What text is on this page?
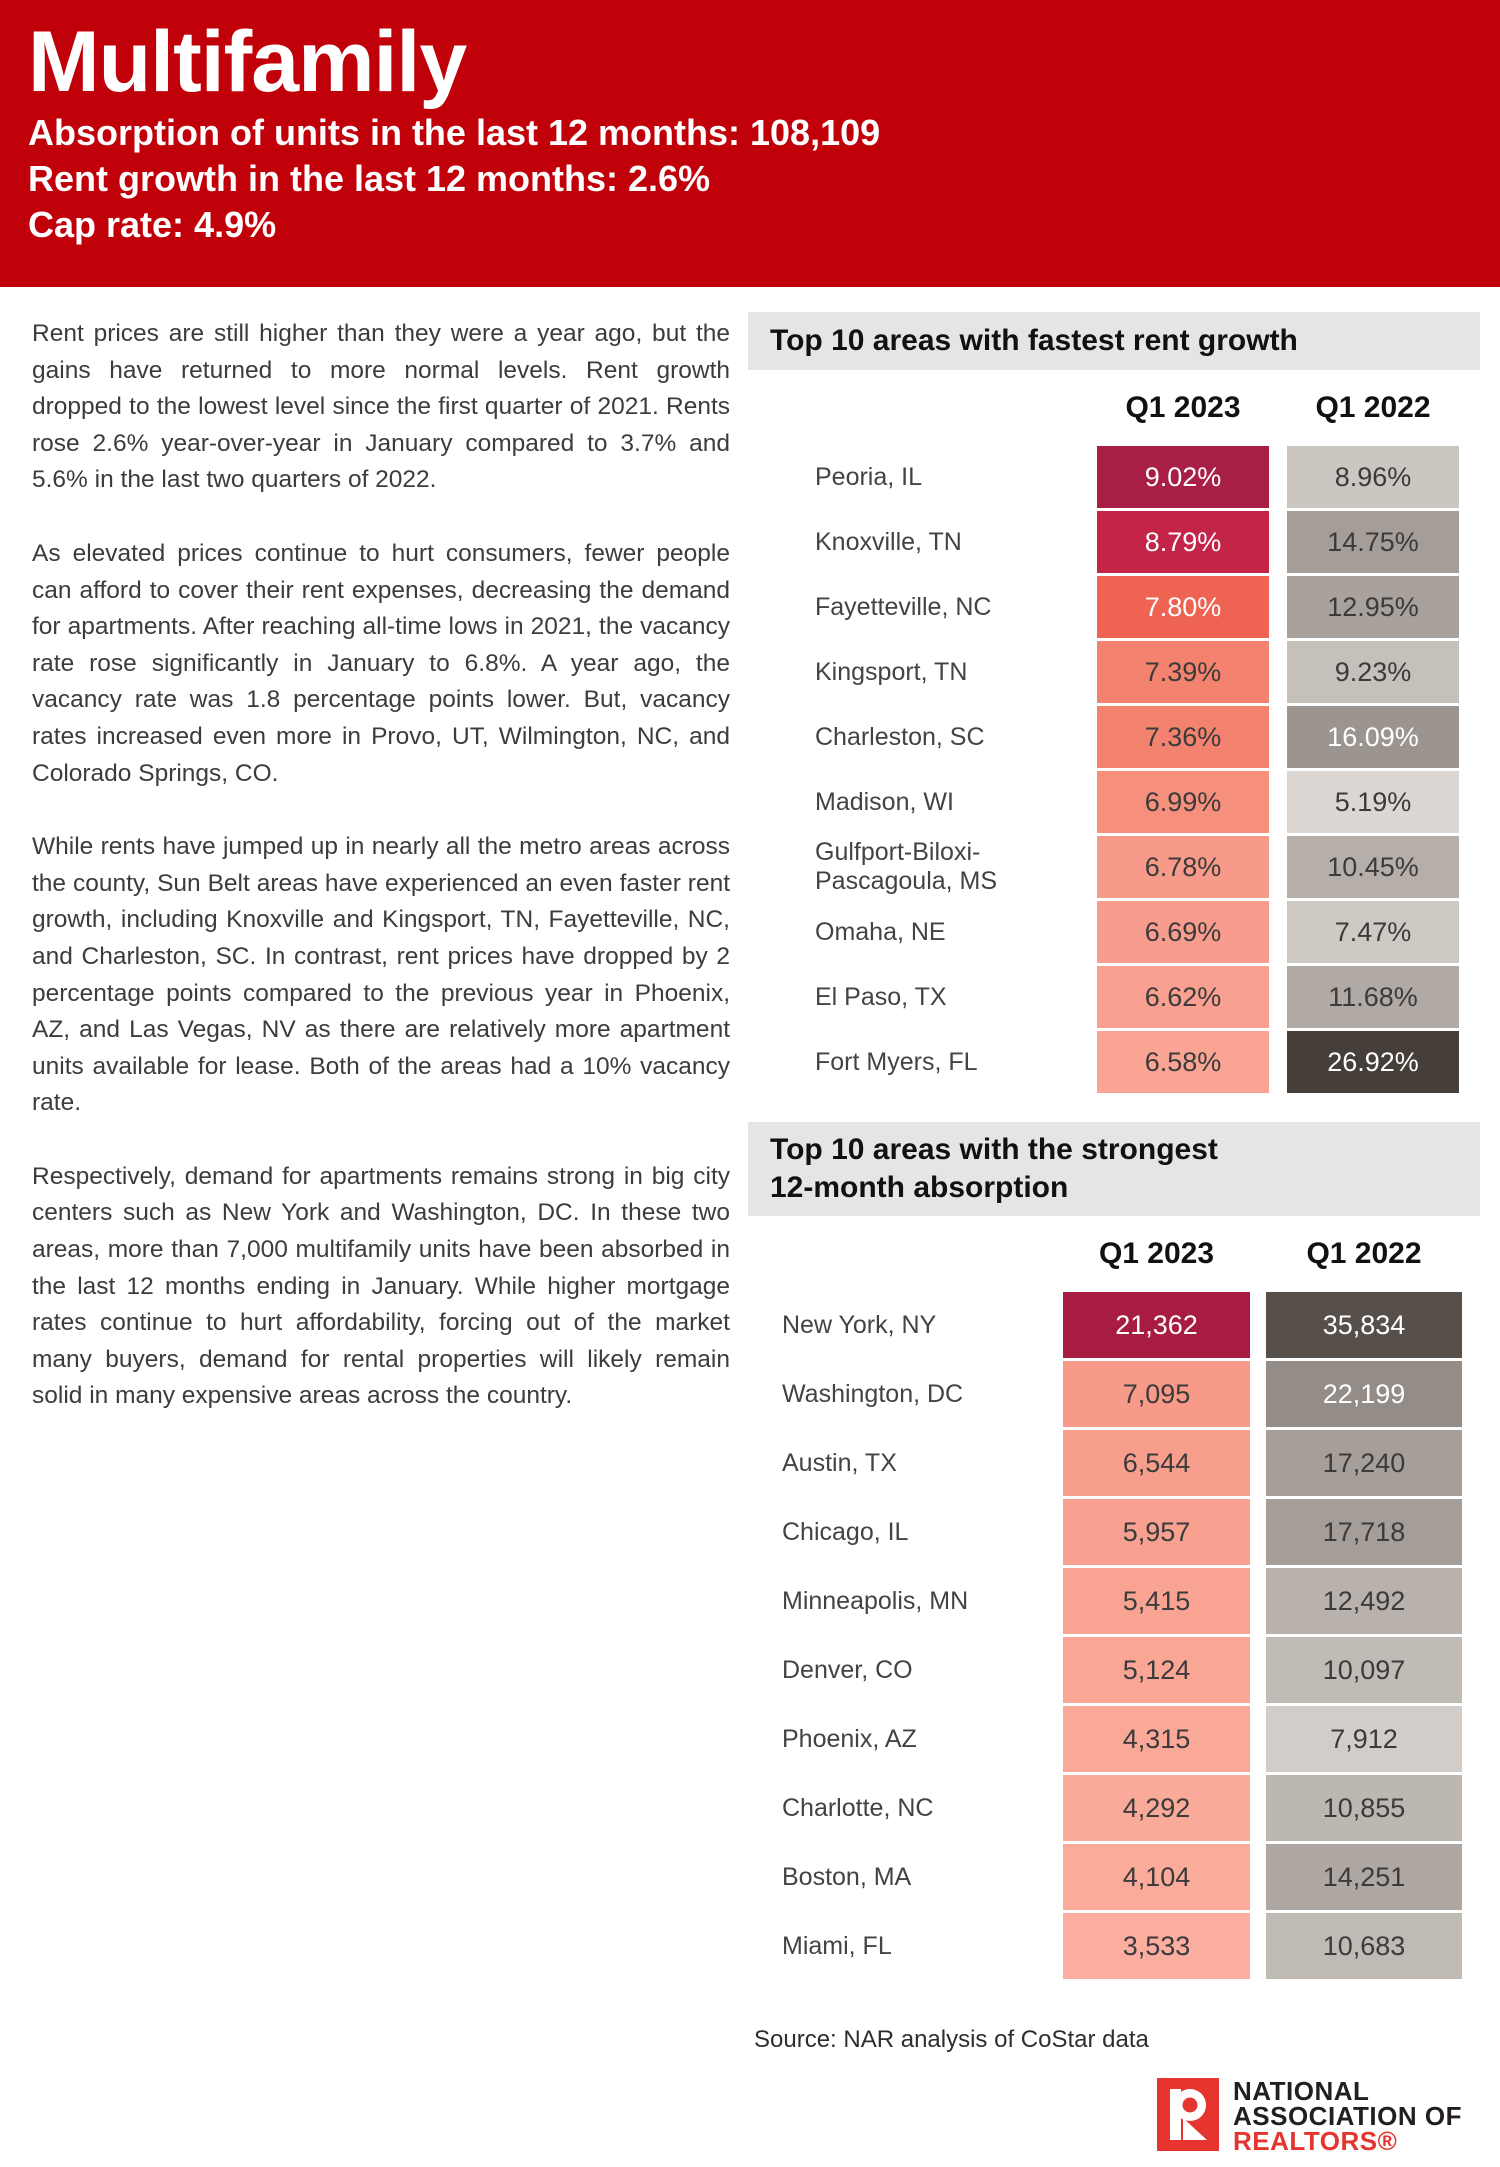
Multifamily
Absorption of units in the last 12 months: 108,109
Rent growth in the last 12 months: 2.6%
Cap rate: 4.9%

Rent prices are still higher than they were a year ago, but the gains have returned to more normal levels. Rent growth dropped to the lowest level since the first quarter of 2021. Rents rose 2.6% year-over-year in January compared to 3.7% and 5.6% in the last two quarters of 2022.

As elevated prices continue to hurt consumers, fewer people can afford to cover their rent expenses, decreasing the demand for apartments. After reaching all-time lows in 2021, the vacancy rate rose significantly in January to 6.8%. A year ago, the vacancy rate was 1.8 percentage points lower. But, vacancy rates increased even more in Provo, UT, Wilmington, NC, and Colorado Springs, CO.

While rents have jumped up in nearly all the metro areas across the county, Sun Belt areas have experienced an even faster rent growth, including Knoxville and Kingsport, TN, Fayetteville, NC, and Charleston, SC. In contrast, rent prices have dropped by 2 percentage points compared to the previous year in Phoenix, AZ, and Las Vegas, NV as there are relatively more apartment units available for lease. Both of the areas had a 10% vacancy rate.

Respectively, demand for apartments remains strong in big city centers such as New York and Washington, DC. In these two areas, more than 7,000 multifamily units have been absorbed in the last 12 months ending in January. While higher mortgage rates continue to hurt affordability, forcing out of the market many buyers, demand for rental properties will likely remain solid in many expensive areas across the country.

Top 10 areas with fastest rent growth
Q1 2023	Q1 2022
Peoria, IL	9.02%	8.96%
Knoxville, TN	8.79%	14.75%
Fayetteville, NC	7.80%	12.95%
Kingsport, TN	7.39%	9.23%
Charleston, SC	7.36%	16.09%
Madison, WI	6.99%	5.19%
Gulfport-Biloxi-Pascagoula, MS	6.78%	10.45%
Omaha, NE	6.69%	7.47%
El Paso, TX	6.62%	11.68%
Fort Myers, FL	6.58%	26.92%
Top 10 areas with the strongest
12-month absorption
Q1 2023	Q1 2022
New York, NY	21,362	35,834
Washington, DC	7,095	22,199
Austin, TX	6,544	17,240
Chicago, IL	5,957	17,718
Minneapolis, MN	5,415	12,492
Denver, CO	5,124	10,097
Phoenix, AZ	4,315	7,912
Charlotte, NC	4,292	10,855
Boston, MA	4,104	14,251
Miami, FL	3,533	10,683
Source: NAR analysis of CoStar data
NATIONAL
ASSOCIATION OF
REALTORS®
